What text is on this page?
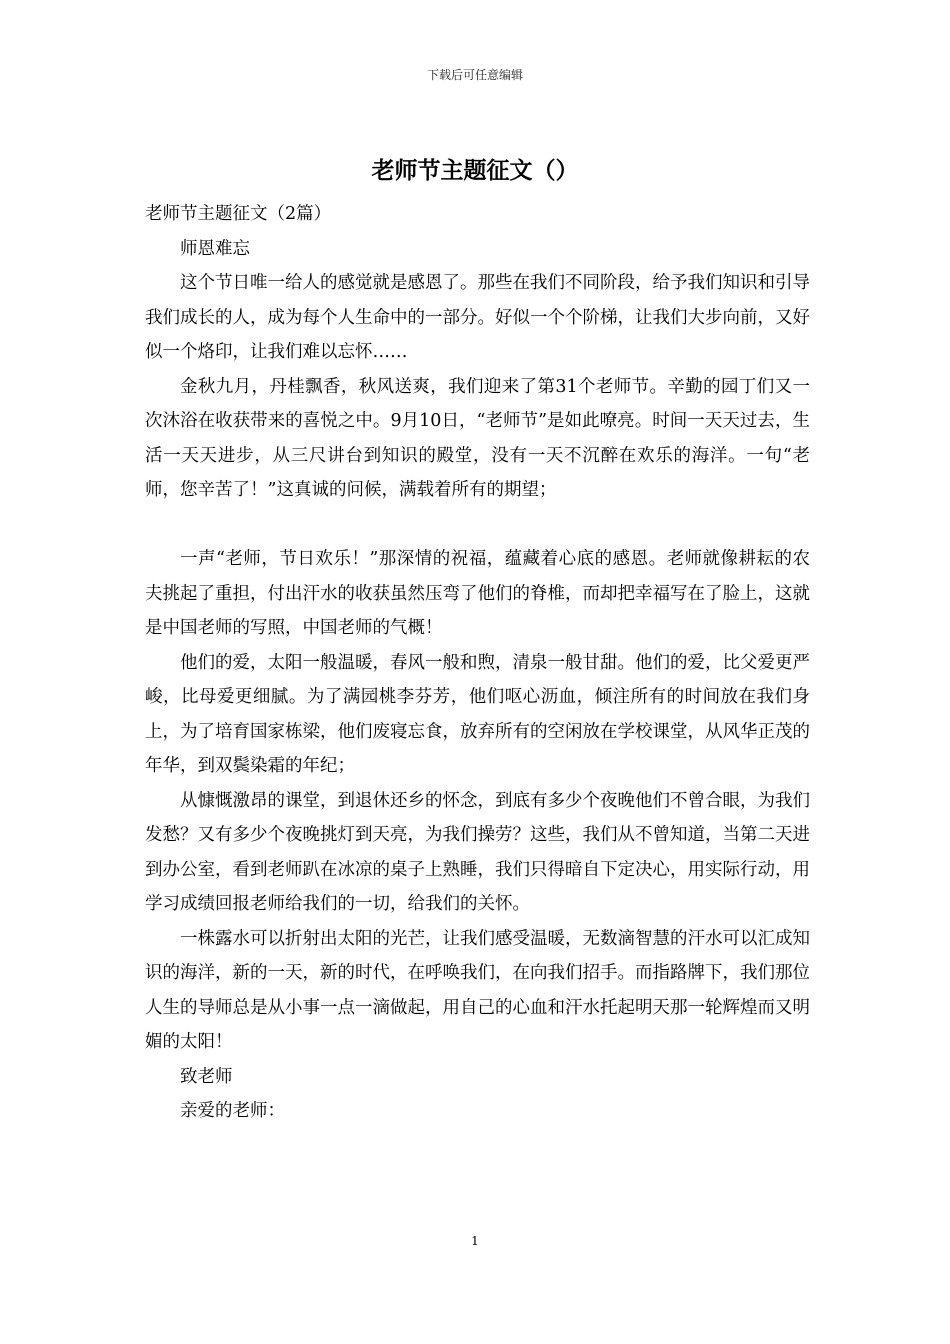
下载后可任意编辑
老师节主题征文（）

老师节主题征文（2篇）

师恩难忘

这个节日唯一给人的感觉就是感恩了。那些在我们不同阶段，给予我们知识和引导我们成长的人，成为每个人生命中的一部分。好似一个个阶梯，让我们大步向前，又好似一个烙印，让我们难以忘怀……

金秋九月，丹桂飘香，秋风送爽，我们迎来了第31个老师节。辛勤的园丁们又一次沐浴在收获带来的喜悦之中。9月10日，“老师节”是如此嘹亮。时间一天天过去，生活一天天进步，从三尺讲台到知识的殿堂，没有一天不沉醉在欢乐的海洋。一句“老师，您辛苦了！”这真诚的问候，满载着所有的期望；

一声“老师，节日欢乐！”那深情的祝福，蕴藏着心底的感恩。老师就像耕耘的农夫挑起了重担，付出汗水的收获虽然压弯了他们的脊椎，而却把幸福写在了脸上，这就是中国老师的写照，中国老师的气概！

他们的爱，太阳一般温暖，春风一般和煦，清泉一般甘甜。他们的爱，比父爱更严峻，比母爱更细腻。为了满园桃李芬芳，他们呕心沥血，倾注所有的时间放在我们身上，为了培育国家栋梁，他们废寝忘食，放弃所有的空闲放在学校课堂，从风华正茂的年华，到双鬓染霜的年纪；

从慷慨激昂的课堂，到退休还乡的怀念，到底有多少个夜晚他们不曾合眼，为我们发愁？又有多少个夜晚挑灯到天亮，为我们操劳？这些，我们从不曾知道，当第二天进到办公室，看到老师趴在冰凉的桌子上熟睡，我们只得暗自下定决心，用实际行动，用学习成绩回报老师给我们的一切，给我们的关怀。

一株露水可以折射出太阳的光芒，让我们感受温暖，无数滴智慧的汗水可以汇成知识的海洋，新的一天，新的时代，在呼唤我们，在向我们招手。而指路牌下，我们那位人生的导师总是从小事一点一滴做起，用自己的心血和汗水托起明天那一轮辉煌而又明媚的太阳！

致老师

亲爱的老师：

1
